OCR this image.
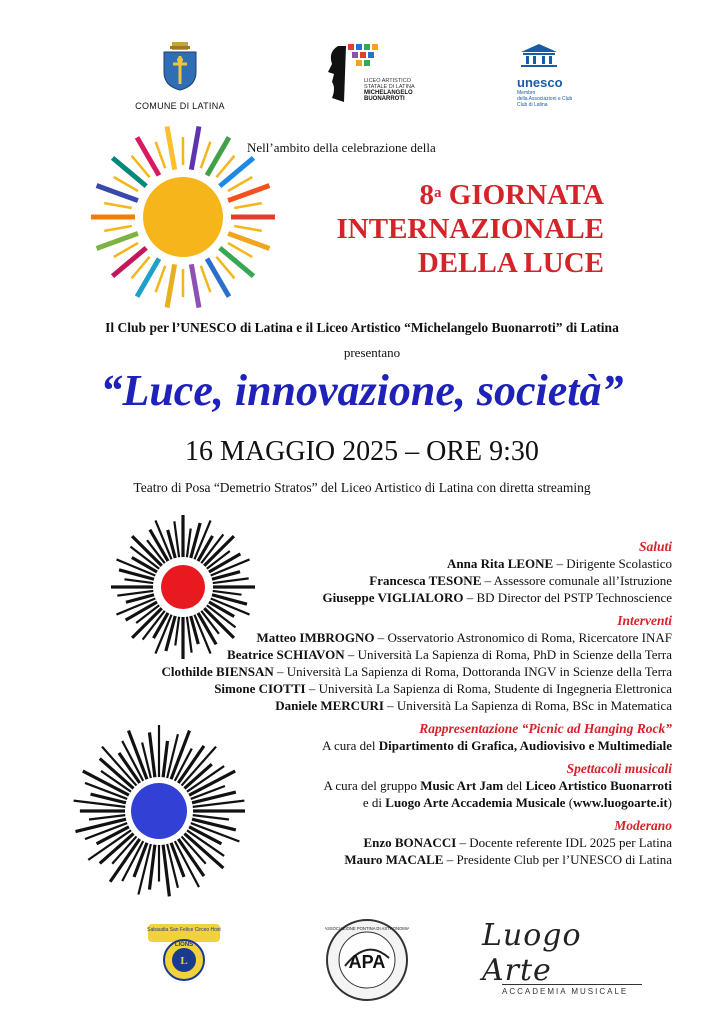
COMUNE DI LATINA
LICEO ARTISTICO
STATALE DI LATINA
MICHELANGELO
BUONARROTI
unesco
Membro
della Associazioni e Club
Club di Latina
Nell’ambito della celebrazione della
8$^a$ GIORNATA
INTERNAZIONALE
DELLA LUCE
Il Club per l’UNESCO di Latina e il Liceo Artistico “Michelangelo Buonarroti” di Latina
presentano
“Luce, innovazione, società”
16 MAGGIO 2025 – ORE 9:30
Teatro di Posa “Demetrio Stratos” del Liceo Artistico di Latina con diretta streaming
Saluti
Anna Rita LEONE – Dirigente Scolastico
Francesca TESONE – Assessore comunale all’Istruzione
Giuseppe VIGLIALORO – BD Director del PSTP Technoscience
Interventi
Matteo IMBROGNO – Osservatorio Astronomico di Roma, Ricercatore INAF
Beatrice SCHIAVON – Università La Sapienza di Roma, PhD in Scienze della Terra
Clothilde BIENSAN – Università La Sapienza di Roma, Dottoranda INGV in Scienze della Terra
Simone CIOTTI – Università La Sapienza di Roma, Studente di Ingegneria Elettronica
Daniele MERCURI – Università La Sapienza di Roma, BSc in Matematica
Rappresentazione “Picnic ad Hanging Rock”
A cura del Dipartimento di Grafica, Audiovisivo e Multimediale
Spettacoli musicali
A cura del gruppo Music Art Jam del Liceo Artistico Buonarroti
e di Luogo Arte Accademia Musicale (www.luogoarte.it)
Moderano
Enzo BONACCI – Docente referente IDL 2025 per Latina
Mauro MACALE – Presidente Club per l’UNESCO di Latina
Sabaudia San Felice Circeo Host
L
LIONS
ASSOCIAZIONE PONTINA DI ASTRONOMIA
APA
Luogo Arte
ACCADEMIA MUSICALE
